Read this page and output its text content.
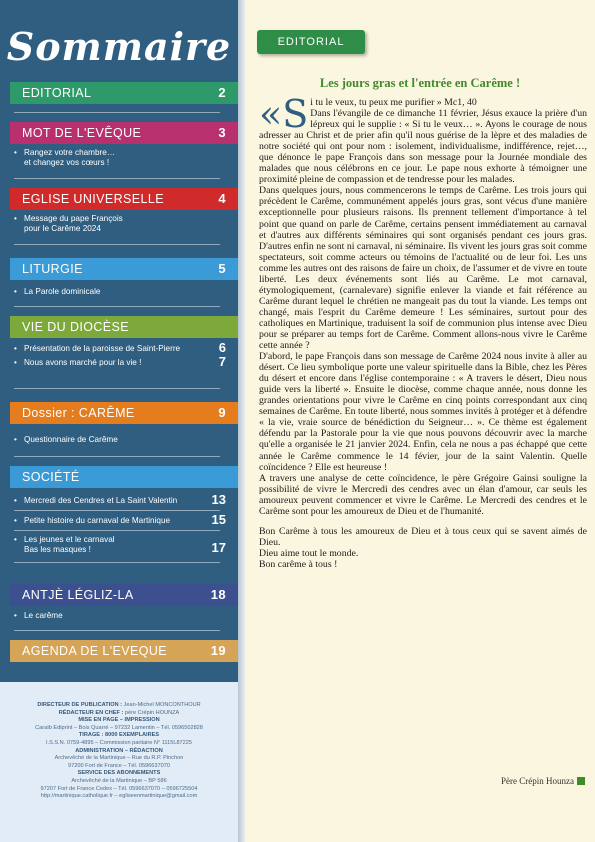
Sommaire
EDITORIAL	2
MOT DE L'EVÊQUE	3
• Rangez votre chambre…
et changez vos cœurs !
EGLISE UNIVERSELLE	4
• Message du pape François
pour le Carême 2024
LITURGIE	5
• La Parole dominicale
VIE DU DIOCÈSE
• Présentation de la paroisse de Saint-Pierre	6
• Nous avons marché pour la vie !	7
Dossier : CARÊME	9
• Questionnaire de Carême
SOCIÉTÉ
• Mercredi des Cendres et La Saint Valentin	13
• Petite histoire du carnaval de Martinique	15
• Les jeunes et le carnaval
Bas les masques !	17
ANTJÈ LÉGLIZ-LA	18
• Le carême
AGENDA DE L'EVEQUE	19
DIRECTEUR DE PUBLICATION : Jean-Michel MONCONTHOUR
RÉDACTEUR EN CHEF : père Crépin HOUNZA
MISE EN PAGE – IMPRESSION
Caraïb Ediprint – Bois Quarré – 97232 Lamentin – Tél. 0596502828
TIRAGE : 8000 EXEMPLAIRES
I.S.S.N. 0759-4895 – Commission paritaire N° 1115L87225
ADMINISTRATION – RÉDACTION
Archevêché de la Martinique – Rue du R.P. Pinchon
97200 Fort de France – Tél. 0596637070
SERVICE DES ABONNEMENTS
Archevêché de la Martinique – BP 586
97207 Fort de France Cedex – Tél. 0596637070 – 0596725504
http://martinique.catholique.fr – egliseenmartinique@gmail.com
EDITORIAL
Les jours gras et l'entrée en Carême !

«Si tu le veux, tu peux me purifier » Mc1, 40

Dans l'évangile de ce dimanche 11 février, Jésus exauce la prière d'un lépreux qui le supplie : « Si tu le veux… ». Ayons le courage de nous adresser au Christ et de prier afin qu'il nous guérise de la lèpre et des maladies de notre société qui ont pour nom : isolement, individualisme, indifférence, rejet…, que dénonce le pape François dans son message pour la Journée mondiale des malades que nous célébrons en ce jour. Le pape nous exhorte à témoigner une proximité pleine de compassion et de tendresse pour les malades.

Dans quelques jours, nous commencerons le temps de Carême. Les trois jours qui précèdent le Carême, communément appelés jours gras, sont vécus d'une manière exceptionnelle pour plusieurs raisons. Ils prennent tellement d'importance à tel point que quand on parle de Carême, certains pensent immédiatement au carnaval et d'autres aux différents séminaires qui sont organisés pendant ces jours gras. D'autres enfin ne sont ni carnaval, ni séminaire. Ils vivent les jours gras soit comme spectateurs, soit comme acteurs ou témoins de l'actualité ou de leur foi. Les uns comme les autres ont des raisons de faire un choix, de l'assumer et de vivre en toute liberté. Les deux événements sont liés au Carême. Le mot carnaval, étymologiquement, (carnalevare) signifie enlever la viande et fait référence au Carême durant lequel le chrétien ne mangeait pas du tout la viande. Les temps ont changé, mais l'esprit du Carême demeure ! Les séminaires, surtout pour des catholiques en Martinique, traduisent la soif de communion plus intense avec Dieu pour se préparer au temps fort de Carême. Comment allons-nous vivre le Carême cette année ?

D'abord, le pape François dans son message de Carême 2024 nous invite à aller au désert. Ce lieu symbolique porte une valeur spirituelle dans la Bible, chez les Pères du désert et encore dans l'église contemporaine : « A travers le désert, Dieu nous guide vers la liberté ». Ensuite le diocèse, comme chaque année, nous donne les grandes orientations pour vivre le Carême en cinq points correspondant aux cinq semaines de Carême. En toute liberté, nous sommes invités à protéger et à défendre « la vie, vraie source de bénédiction du Seigneur… ». Ce thème est également défendu par la Pastorale pour la vie que nous pouvons découvrir avec la marche qu'elle a organisée le 21 janvier 2024. Enfin, cela ne nous a pas échappé que cette année le Carême commence le 14 févier, jour de la saint Valentin. Quelle coïncidence ? Elle est heureuse !

A travers une analyse de cette coïncidence, le père Grégoire Gainsi souligne la possibilité de vivre le Mercredi des cendres avec un élan d'amour, car seuls les amoureux peuvent commencer et vivre le Carême. Le Mercredi des cendres et le Carême sont pour les amoureux de Dieu et de l'humanité.

Bon Carême à tous les amoureux de Dieu et à tous ceux qui se savent aimés de Dieu.

Dieu aime tout le monde.

Bon carême à tous !

Père Crépin Hounza
